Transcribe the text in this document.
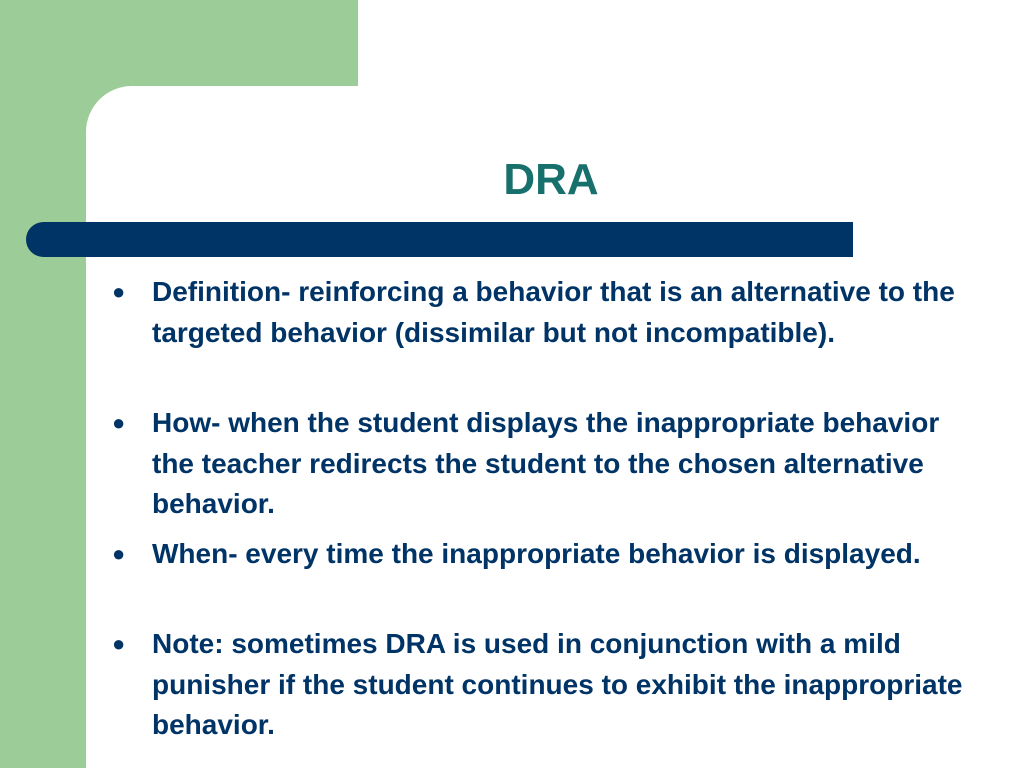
DRA
● Definition- reinforcing a behavior that is an alternative to the targeted behavior (dissimilar but not incompatible).
● How- when the student displays the inappropriate behavior the teacher redirects the student to the chosen alternative behavior.
● When- every time the inappropriate behavior is displayed.
● Note: sometimes DRA is used in conjunction with a mild punisher if the student continues to exhibit the inappropriate behavior.
